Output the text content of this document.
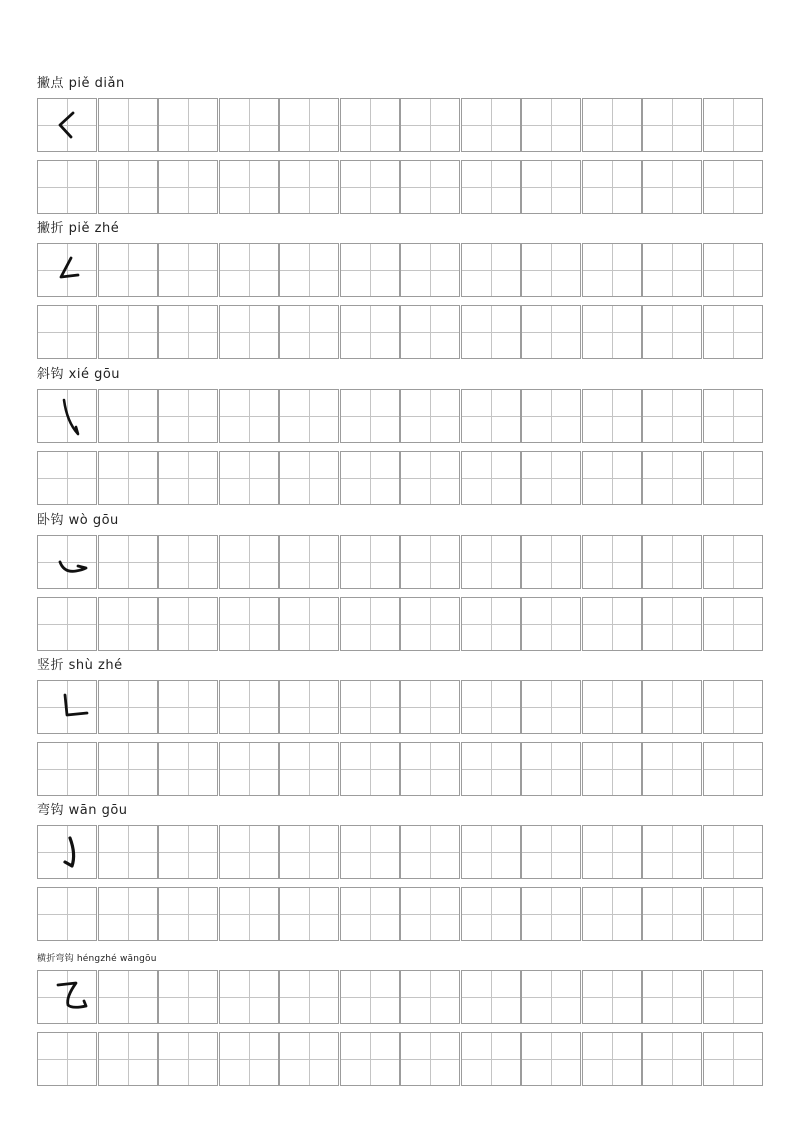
撇点 piě diǎn
撇折 piě zhé
斜钩 xié gōu
卧钩 wò gōu
竖折 shù zhé
弯钩 wān gōu
横折弯钩 héngzhé wāngōu
